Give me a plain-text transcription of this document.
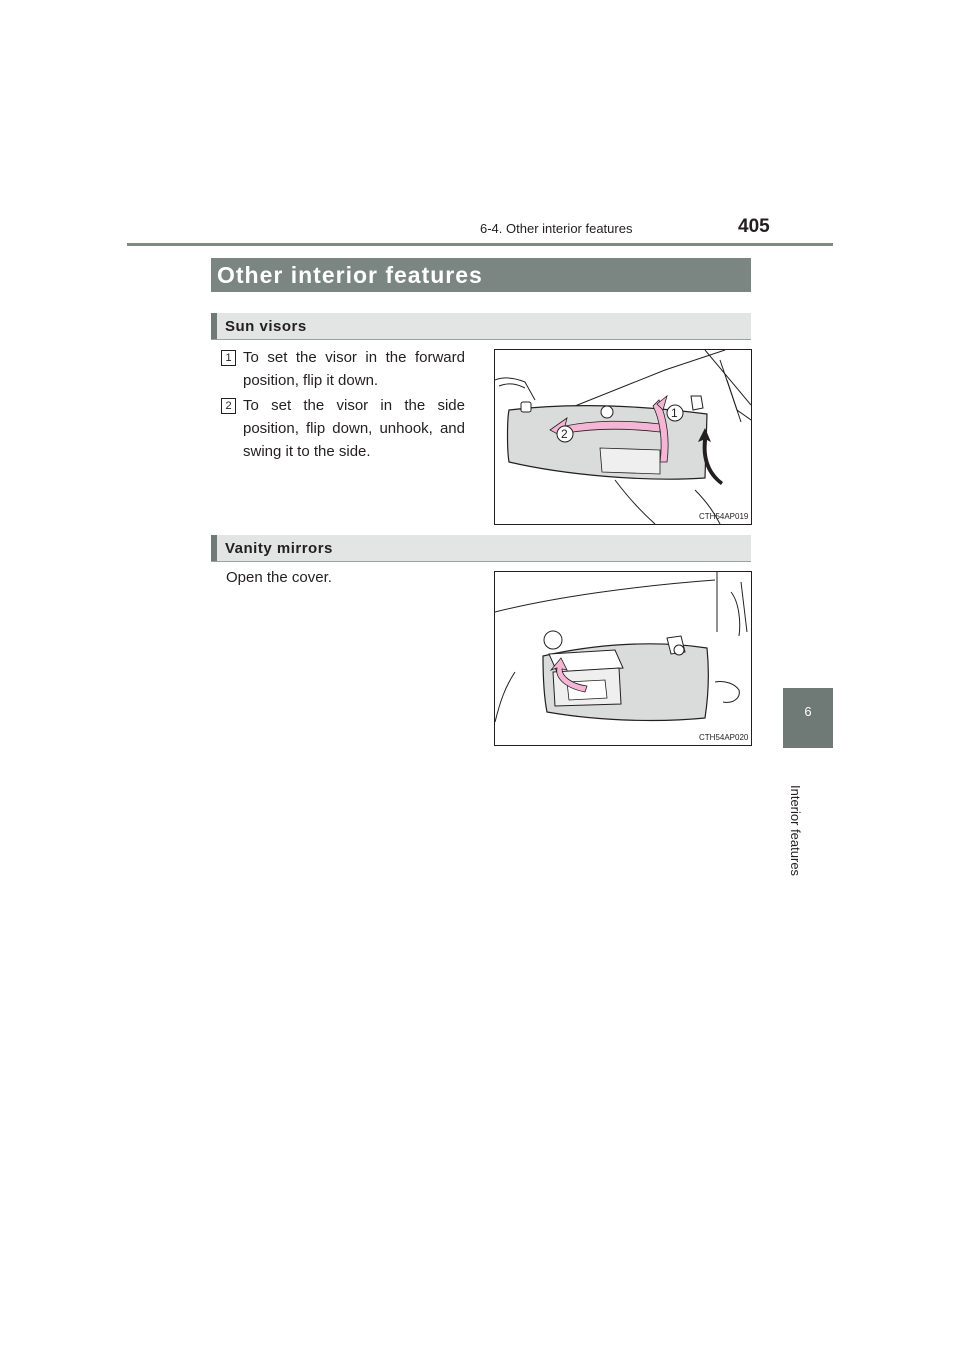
6-4. Other interior features	405
6
Interior features
Other interior features
Sun visors
1 To set the visor in the forward position, flip it down.
2 To set the visor in the side position, flip down, unhook, and swing it to the side.
1
2
CTH54AP019
Vanity mirrors
Open the cover.
CTH54AP020
